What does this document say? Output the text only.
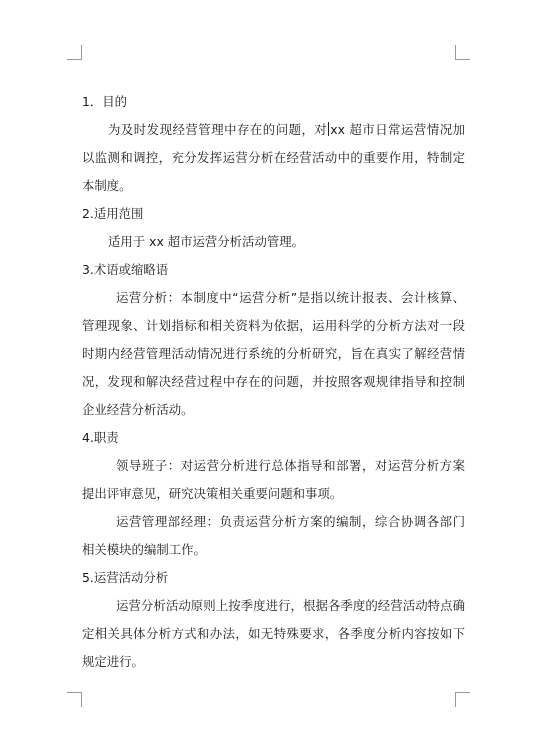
1．目的
为及时发现经营管理中存在的问题，对 xx 超市日常运营情况加
以监测和调控，充分发挥运营分析在经营活动中的重要作用，特制定
本制度。
2.适用范围
适用于 xx 超市运营分析活动管理。
3.术语或缩略语
运营分析：本制度中“运营分析”是指以统计报表、会计核算、
管理现象、计划指标和相关资料为依据，运用科学的分析方法对一段
时期内经营管理活动情况进行系统的分析研究，旨在真实了解经营情
况，发现和解决经营过程中存在的问题，并按照客观规律指导和控制
企业经营分析活动。
4.职责
领导班子：对运营分析进行总体指导和部署，对运营分析方案
提出评审意见，研究决策相关重要问题和事项。
运营管理部经理：负责运营分析方案的编制，综合协调各部门
相关模块的编制工作。
5.运营活动分析
运营分析活动原则上按季度进行，根据各季度的经营活动特点确
定相关具体分析方式和办法，如无特殊要求，各季度分析内容按如下
规定进行。
